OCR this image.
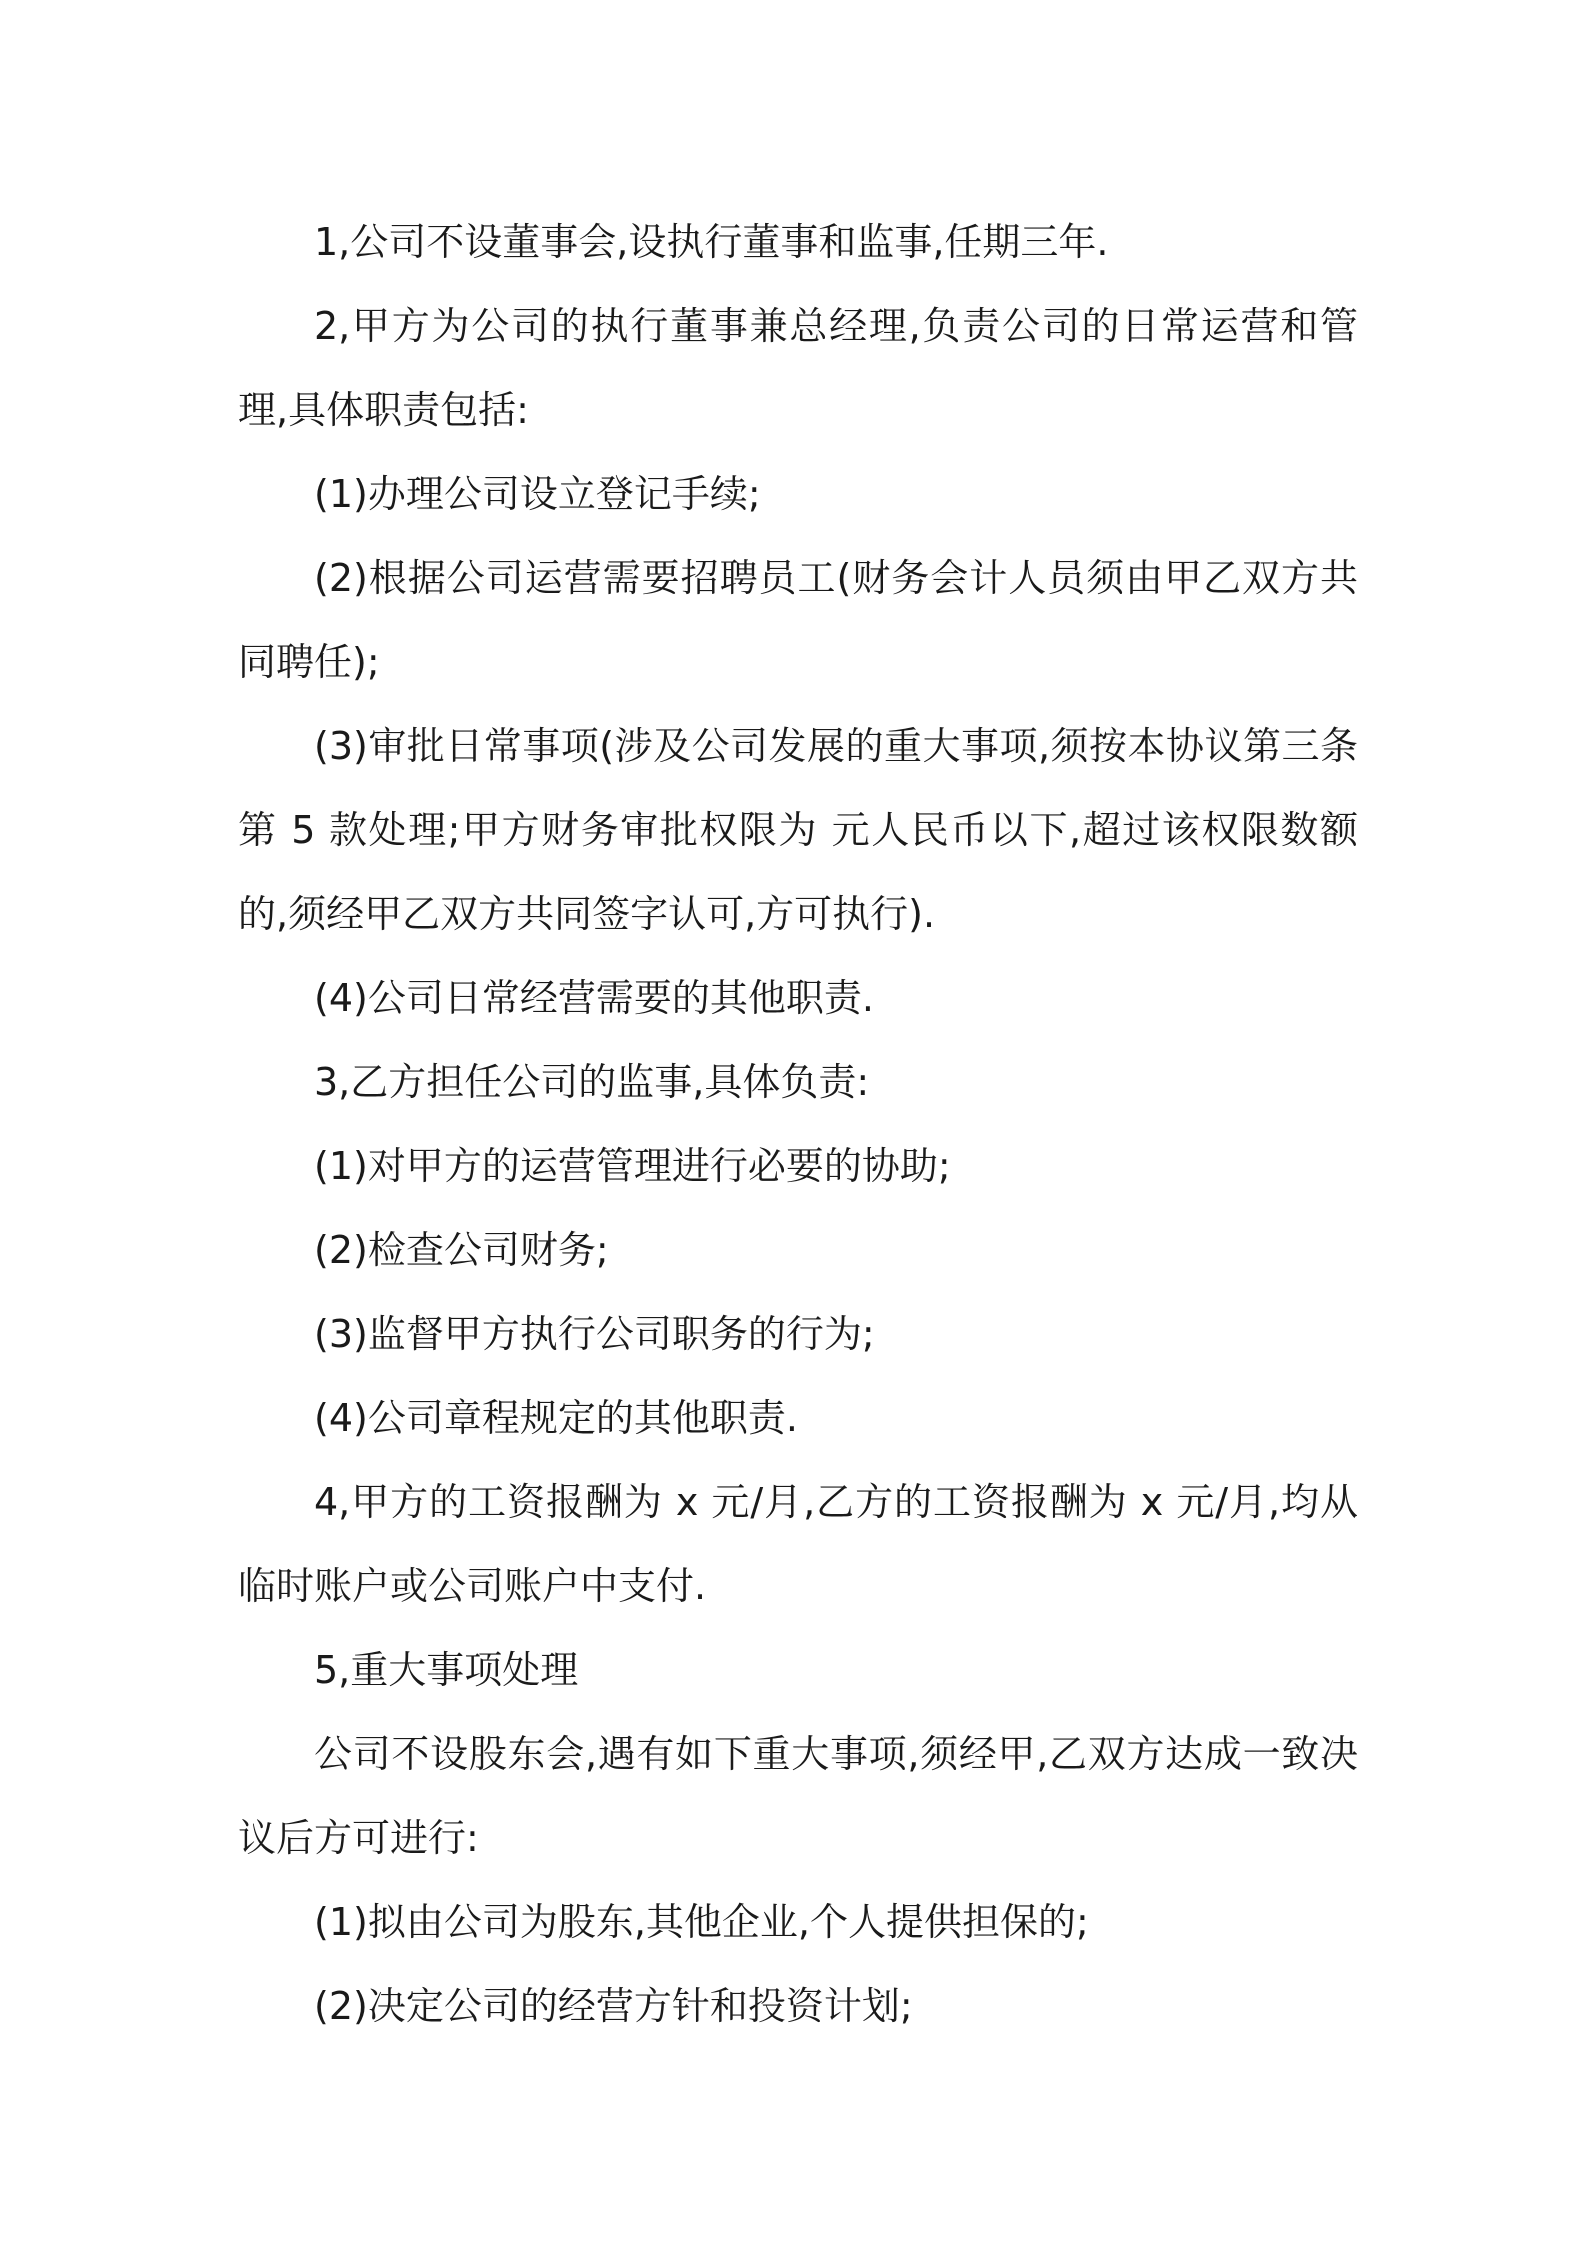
1,公司不设董事会,设执行董事和监事,任期三年.

2,甲方为公司的执行董事兼总经理,负责公司的日常运营和管理,具体职责包括:

(1)办理公司设立登记手续;

(2)根据公司运营需要招聘员工(财务会计人员须由甲乙双方共同聘任);

(3)审批日常事项(涉及公司发展的重大事项,须按本协议第三条第 5 款处理;甲方财务审批权限为 元人民币以下,超过该权限数额的,须经甲乙双方共同签字认可,方可执行).

(4)公司日常经营需要的其他职责.

3,乙方担任公司的监事,具体负责:

(1)对甲方的运营管理进行必要的协助;

(2)检查公司财务;

(3)监督甲方执行公司职务的行为;

(4)公司章程规定的其他职责.

4,甲方的工资报酬为 x 元/月,乙方的工资报酬为 x 元/月,均从临时账户或公司账户中支付.

5,重大事项处理

公司不设股东会,遇有如下重大事项,须经甲,乙双方达成一致决议后方可进行:

(1)拟由公司为股东,其他企业,个人提供担保的;

(2)决定公司的经营方针和投资计划;
